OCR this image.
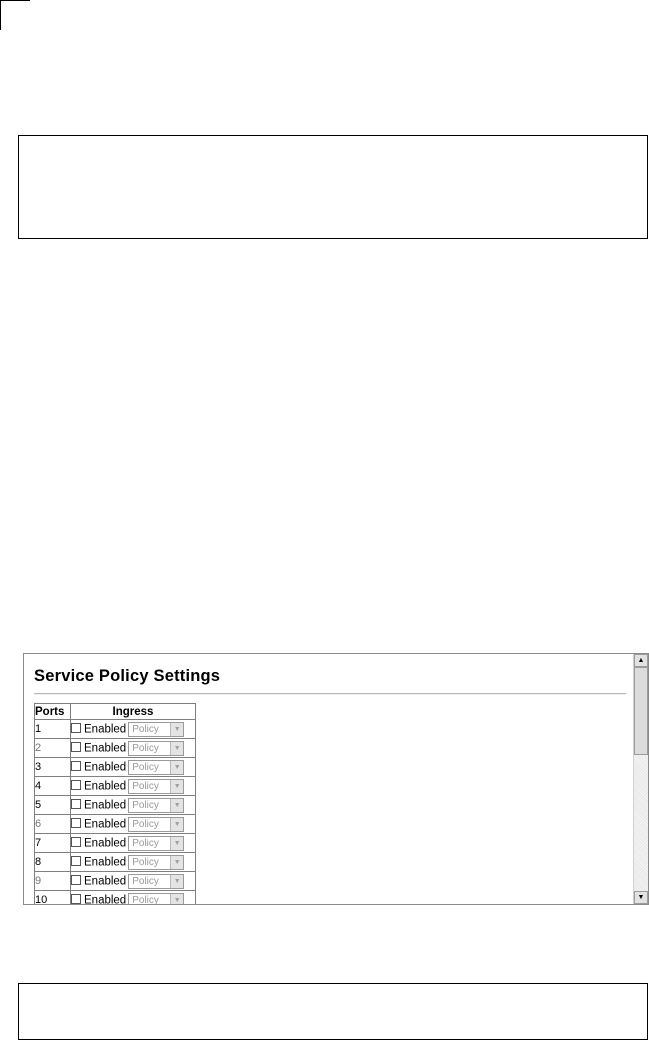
Service Policy Settings
Ports	Ingress
1	Enabled Policy ▼

2	Enabled Policy ▼

3	Enabled Policy ▼

4	Enabled Policy ▼

5	Enabled Policy ▼

6	Enabled Policy ▼

7	Enabled Policy ▼

8	Enabled Policy ▼

9	Enabled Policy ▼

10	Enabled Policy ▼
▲
▼
